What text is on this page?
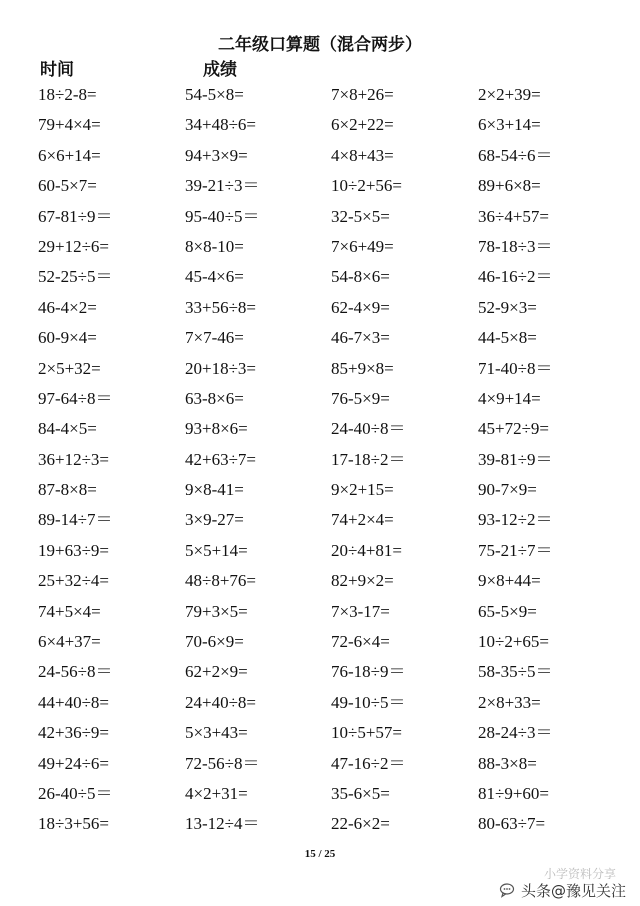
二年级口算题（混合两步）
时间	成绩
18÷2-8=	54-5×8=	7×8+26=	2×2+39=
79+4×4=	34+48÷6=	6×2+22=	6×3+14=
6×6+14=	94+3×9=	4×8+43=	68-54÷6＝
60-5×7=	39-21÷3＝	10÷2+56=	89+6×8=
67-81÷9＝	95-40÷5＝	32-5×5=	36÷4+57=
29+12÷6=	8×8-10=	7×6+49=	78-18÷3＝
52-25÷5＝	45-4×6=	54-8×6=	46-16÷2＝
46-4×2=	33+56÷8=	62-4×9=	52-9×3=
60-9×4=	7×7-46=	46-7×3=	44-5×8=
2×5+32=	20+18÷3=	85+9×8=	71-40÷8＝
97-64÷8＝	63-8×6=	76-5×9=	4×9+14=
84-4×5=	93+8×6=	24-40÷8＝	45+72÷9=
36+12÷3=	42+63÷7=	17-18÷2＝	39-81÷9＝
87-8×8=	9×8-41=	9×2+15=	90-7×9=
89-14÷7＝	3×9-27=	74+2×4=	93-12÷2＝
19+63÷9=	5×5+14=	20÷4+81=	75-21÷7＝
25+32÷4=	48÷8+76=	82+9×2=	9×8+44=
74+5×4=	79+3×5=	7×3-17=	65-5×9=
6×4+37=	70-6×9=	72-6×4=	10÷2+65=
24-56÷8＝	62+2×9=	76-18÷9＝	58-35÷5＝
44+40÷8=	24+40÷8=	49-10÷5＝	2×8+33=
42+36÷9=	5×3+43=	10÷5+57=	28-24÷3＝
49+24÷6=	72-56÷8＝	47-16÷2＝	88-3×8=
26-40÷5＝	4×2+31=	35-6×5=	81÷9+60=
18÷3+56=	13-12÷4＝	22-6×2=	80-63÷7=
15 / 25
小学资料分享
头条@豫见关注
